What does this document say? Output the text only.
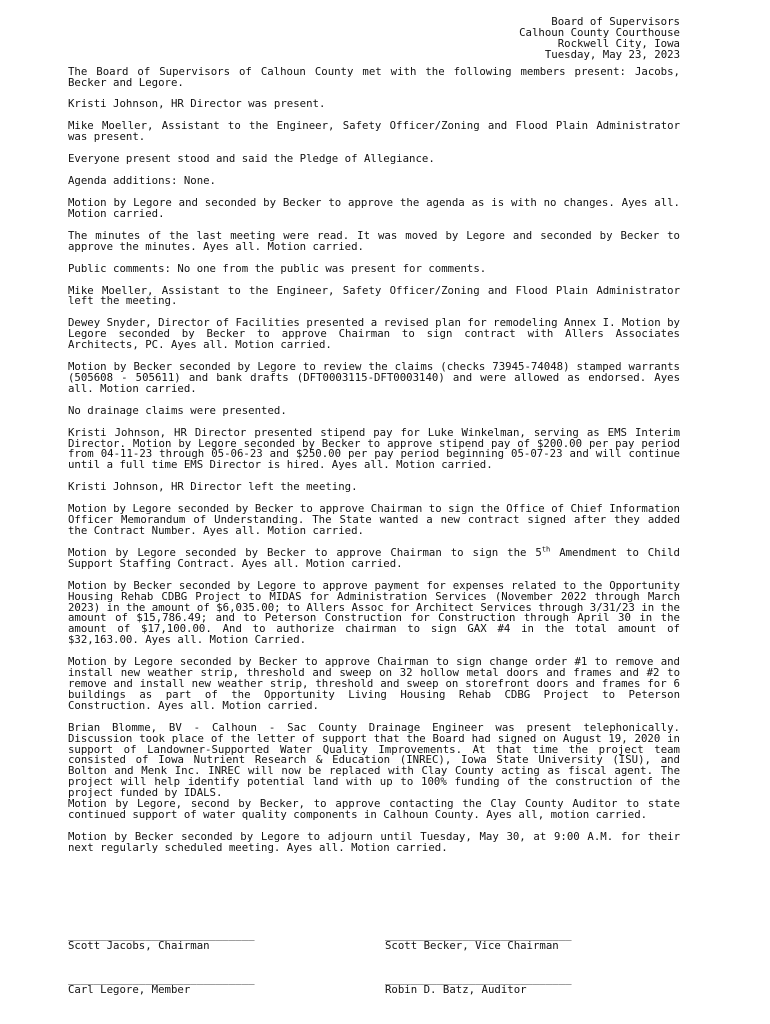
Board of Supervisors
Calhoun County Courthouse
Rockwell City, Iowa
Tuesday, May 23, 2023

The Board of Supervisors of Calhoun County met with the following members present: Jacobs, Becker and Legore.

Kristi Johnson, HR Director was present.

Mike Moeller, Assistant to the Engineer, Safety Officer/Zoning and Flood Plain Administrator was present.

Everyone present stood and said the Pledge of Allegiance.

Agenda additions: None.

Motion by Legore and seconded by Becker to approve the agenda as is with no changes. Ayes all. Motion carried.

The minutes of the last meeting were read. It was moved by Legore and seconded by Becker to approve the minutes. Ayes all. Motion carried.

Public comments: No one from the public was present for comments.

Mike Moeller, Assistant to the Engineer, Safety Officer/Zoning and Flood Plain Administrator left the meeting.

Dewey Snyder, Director of Facilities presented a revised plan for remodeling Annex I. Motion by Legore seconded by Becker to approve Chairman to sign contract with Allers Associates Architects, PC. Ayes all. Motion carried.

Motion by Becker seconded by Legore to review the claims (checks 73945-74048) stamped warrants (505608 - 505611) and bank drafts (DFT0003115-DFT0003140) and were allowed as endorsed. Ayes all. Motion carried.

No drainage claims were presented.

Kristi Johnson, HR Director presented stipend pay for Luke Winkelman, serving as EMS Interim Director. Motion by Legore seconded by Becker to approve stipend pay of $200.00 per pay period from 04-11-23 through 05-06-23 and $250.00 per pay period beginning 05-07-23 and will continue until a full time EMS Director is hired. Ayes all. Motion carried.

Kristi Johnson, HR Director left the meeting.

Motion by Legore seconded by Becker to approve Chairman to sign the Office of Chief Information Officer Memorandum of Understanding. The State wanted a new contract signed after they added the Contract Number. Ayes all. Motion carried.

Motion by Legore seconded by Becker to approve Chairman to sign the 5th Amendment to Child Support Staffing Contract. Ayes all. Motion carried.

Motion by Becker seconded by Legore to approve payment for expenses related to the Opportunity Housing Rehab CDBG Project to MIDAS for Administration Services (November 2022 through March 2023) in the amount of $6,035.00; to Allers Assoc for Architect Services through 3/31/23 in the amount of $15,786.49; and to Peterson Construction for Construction through April 30 in the amount of $17,100.00. And to authorize chairman to sign GAX #4 in the total amount of $32,163.00. Ayes all. Motion Carried.

Motion by Legore seconded by Becker to approve Chairman to sign change order #1 to remove and install new weather strip, threshold and sweep on 32 hollow metal doors and frames and #2 to remove and install new weather strip, threshold and sweep on storefront doors and frames for 6 buildings as part of the Opportunity Living Housing Rehab CDBG Project to Peterson Construction. Ayes all. Motion carried.

Brian Blomme, BV - Calhoun - Sac County Drainage Engineer was present telephonically. Discussion took place of the letter of support that the Board had signed on August 19, 2020 in support of Landowner-Supported Water Quality Improvements. At that time the project team consisted of Iowa Nutrient Research & Education (INREC), Iowa State University (ISU), and Bolton and Menk Inc. INREC will now be replaced with Clay County acting as fiscal agent. The project will help identify potential land with up to 100% funding of the construction of the project funded by IDALS.

Motion by Legore, second by Becker, to approve contacting the Clay County Auditor to state continued support of water quality components in Calhoun County. Ayes all, motion carried.

Motion by Becker seconded by Legore to adjourn until Tuesday, May 30, at 9:00 A.M. for their next regularly scheduled meeting. Ayes all. Motion carried.

_____________________________
Scott Jacobs, Chairman
_____________________________
Scott Becker, Vice Chairman
_____________________________
Carl Legore, Member
_____________________________
Robin D. Batz, Auditor
